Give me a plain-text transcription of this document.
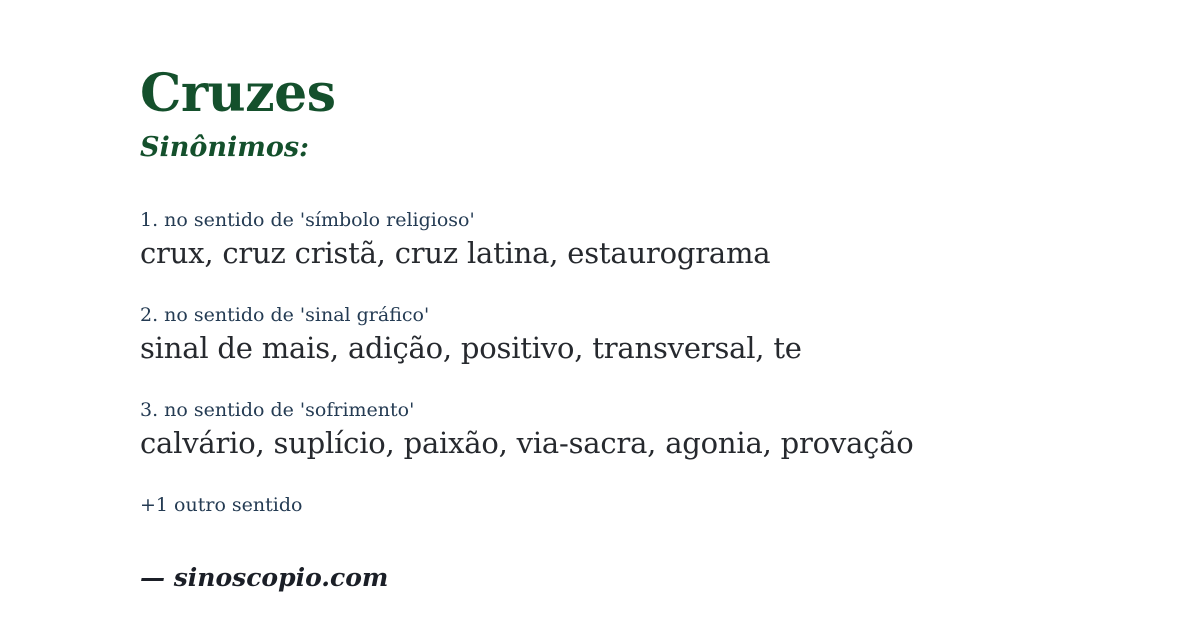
Cruzes
Sinônimos:
1. no sentido de 'símbolo religioso'
crux, cruz cristã, cruz latina, estaurograma
2. no sentido de 'sinal gráfico'
sinal de mais, adição, positivo, transversal, te
3. no sentido de 'sofrimento'
calvário, suplício, paixão, via-sacra, agonia, provação
+1 outro sentido
— sinoscopio.com
